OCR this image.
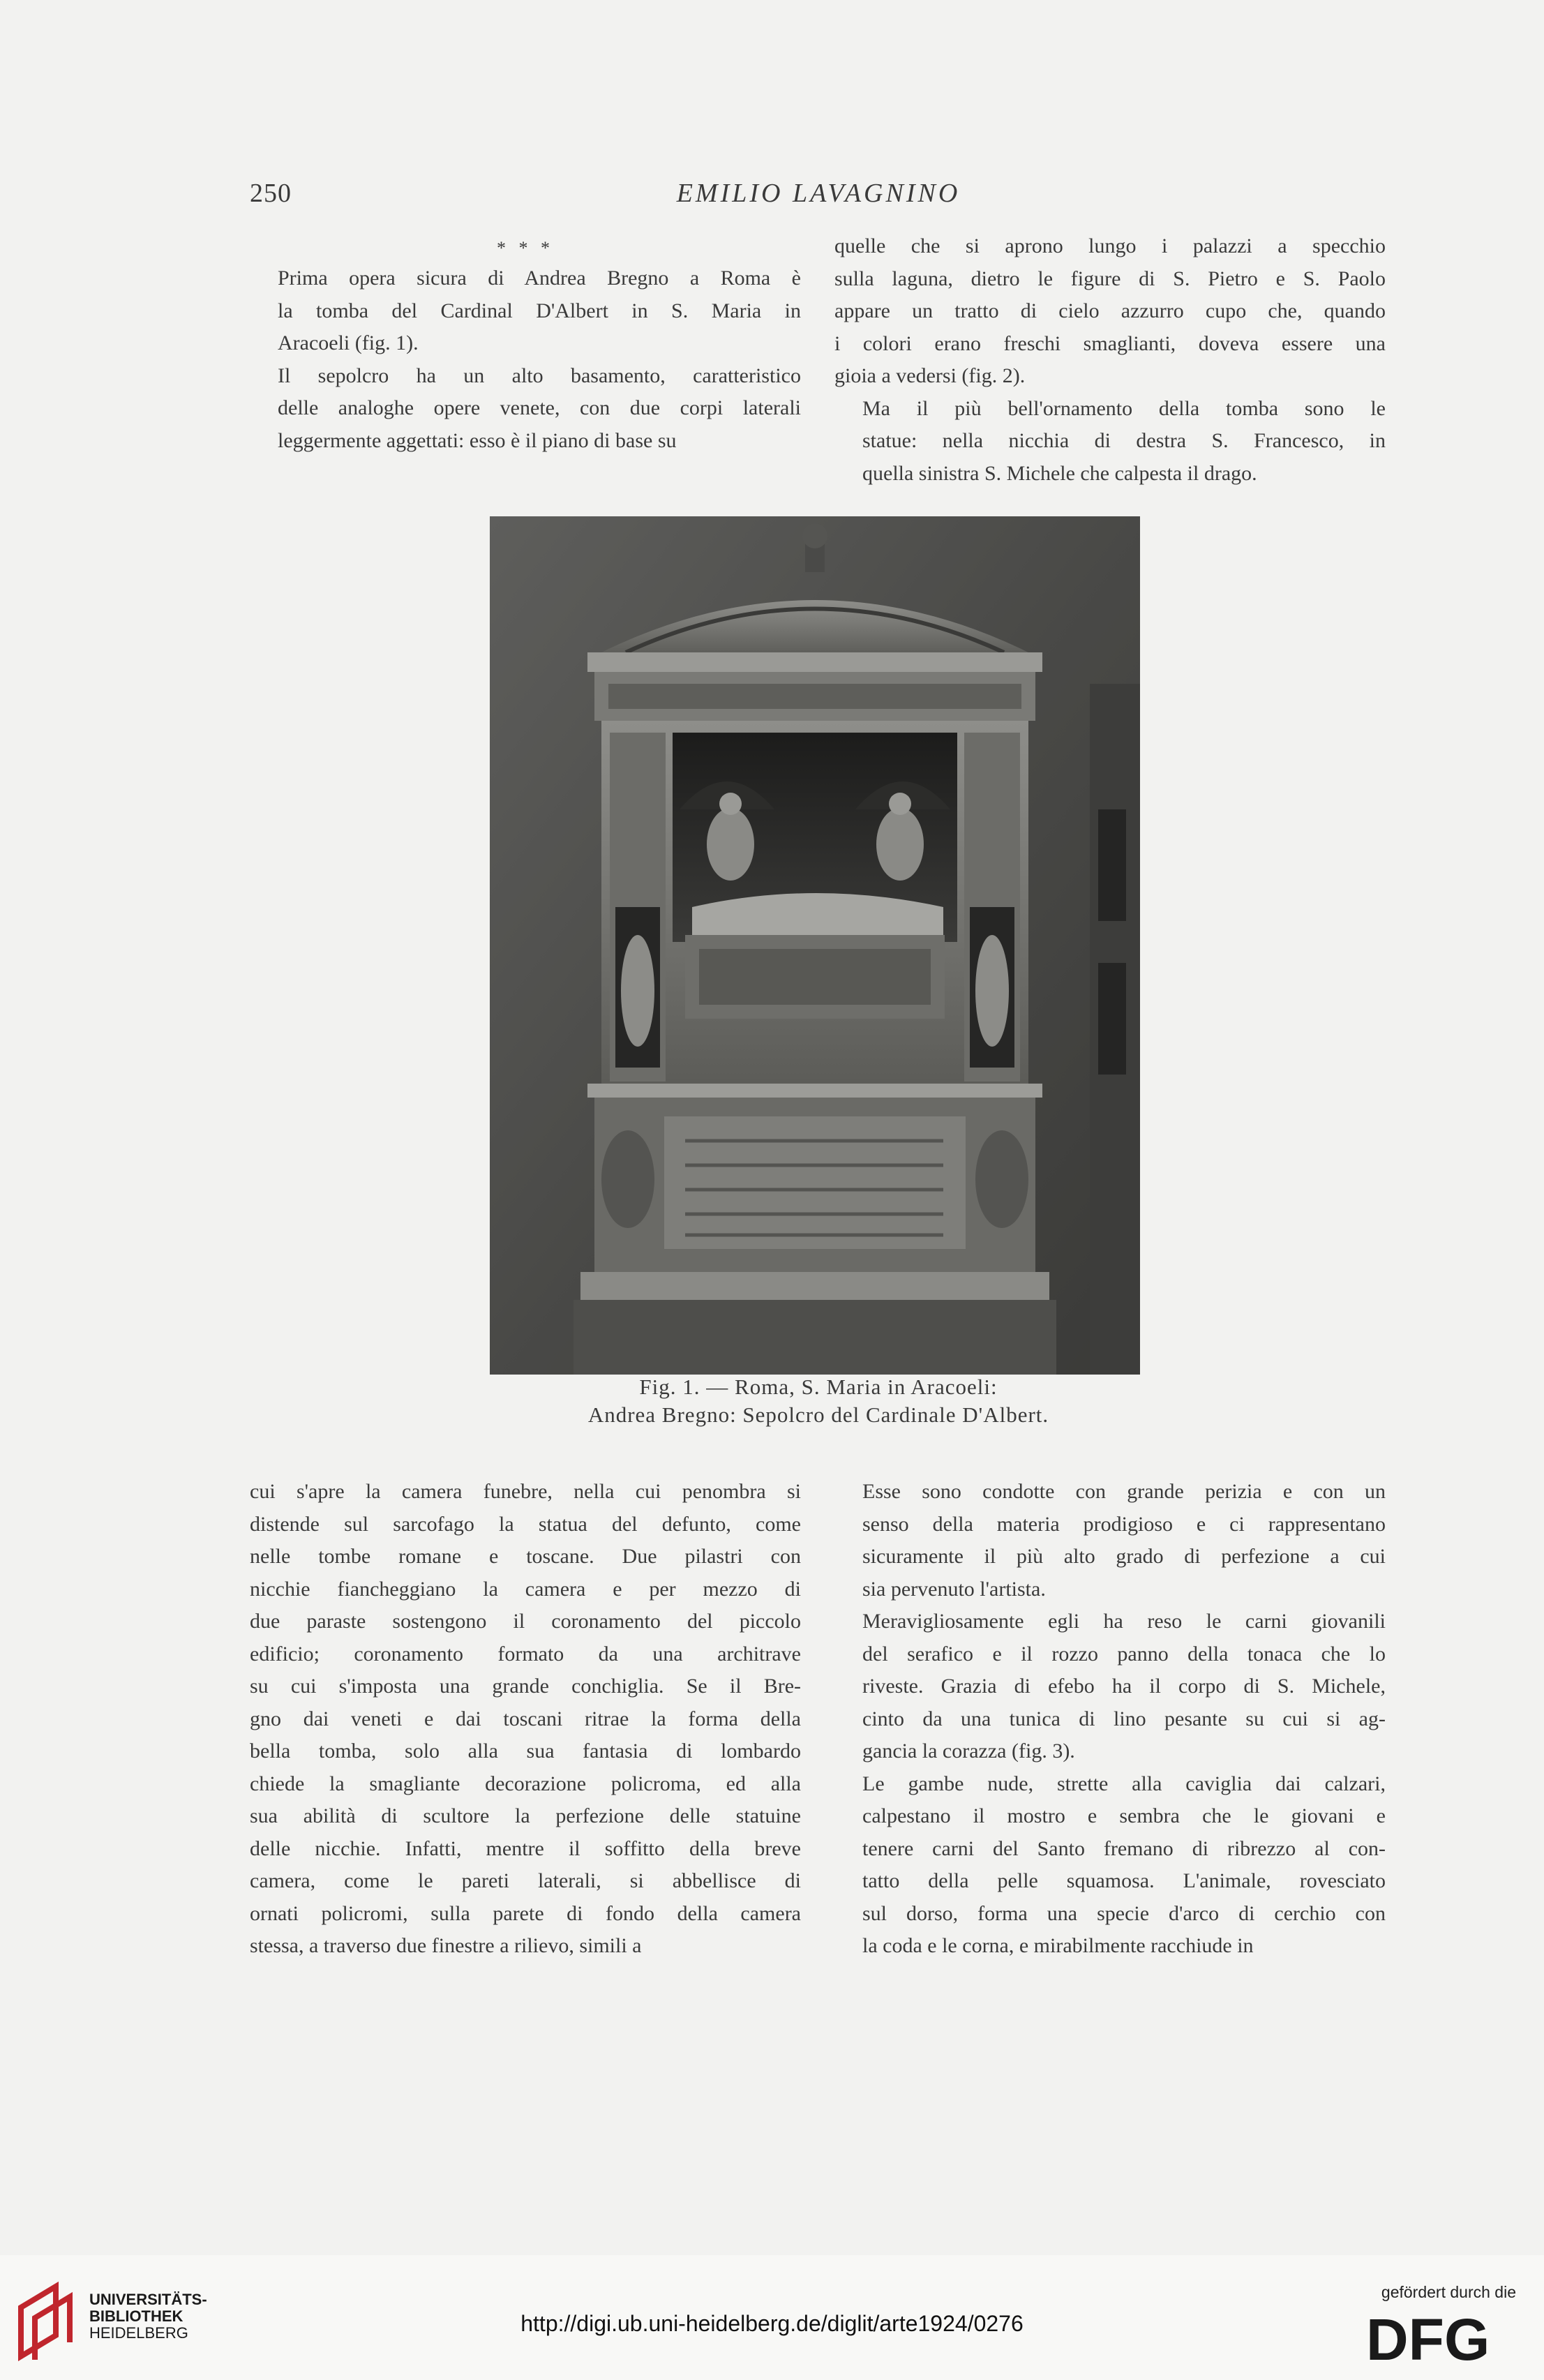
250	EMILIO LAVAGNINO
* * *

Prima opera sicura di Andrea Bregno a Roma è
la tomba del Cardinal D'Albert in S. Maria in
Aracoeli (fig. 1).

Il sepolcro ha un alto basamento, caratteristico
delle analoghe opere venete, con due corpi laterali
leggermente aggettati: esso è il piano di base su

quelle che si aprono lungo i palazzi a specchio
sulla laguna, dietro le figure di S. Pietro e S. Paolo
appare un tratto di cielo azzurro cupo che, quando
i colori erano freschi smaglianti, doveva essere una
gioia a vedersi (fig. 2).

Ma il più bell'ornamento della tomba sono le
statue: nella nicchia di destra S. Francesco, in
quella sinistra S. Michele che calpesta il drago.

Fig. 1. — Roma, S. Maria in Aracoeli:
Andrea Bregno: Sepolcro del Cardinale D'Albert.

cui s'apre la camera funebre, nella cui penombra si
distende sul sarcofago la statua del defunto, come
nelle tombe romane e toscane. Due pilastri con
nicchie fiancheggiano la camera e per mezzo di
due paraste sostengono il coronamento del piccolo
edificio; coronamento formato da una architrave
su cui s'imposta una grande conchiglia. Se il Bre-
gno dai veneti e dai toscani ritrae la forma della
bella tomba, solo alla sua fantasia di lombardo
chiede la smagliante decorazione policroma, ed alla
sua abilità di scultore la perfezione delle statuine
delle nicchie. Infatti, mentre il soffitto della breve
camera, come le pareti laterali, si abbellisce di
ornati policromi, sulla parete di fondo della camera
stessa, a traverso due finestre a rilievo, simili a

Esse sono condotte con grande perizia e con un
senso della materia prodigioso e ci rappresentano
sicuramente il più alto grado di perfezione a cui
sia pervenuto l'artista.

Meravigliosamente egli ha reso le carni giovanili
del serafico e il rozzo panno della tonaca che lo
riveste. Grazia di efebo ha il corpo di S. Michele,
cinto da una tunica di lino pesante su cui si ag-
gancia la corazza (fig. 3).

Le gambe nude, strette alla caviglia dai calzari,
calpestano il mostro e sembra che le giovani e
tenere carni del Santo fremano di ribrezzo al con-
tatto della pelle squamosa. L'animale, rovesciato
sul dorso, forma una specie d'arco di cerchio con
la coda e le corna, e mirabilmente racchiude in

UNIVERSITÄTS-
BIBLIOTHEK
HEIDELBERG	http://digi.ub.uni-heidelberg.de/diglit/arte1924/0276
gefördert durch die
DFG
